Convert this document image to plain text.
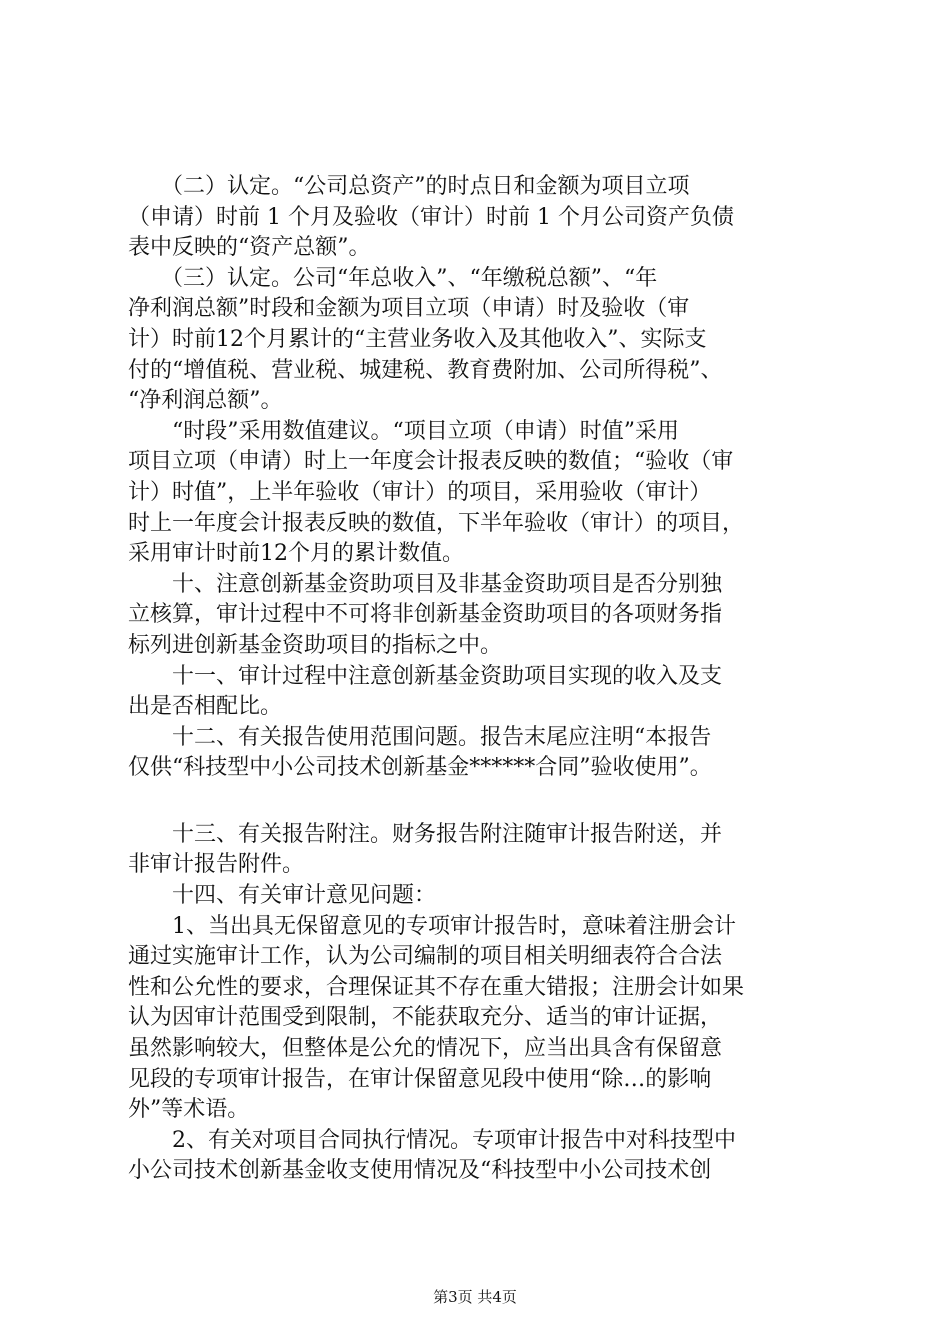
　　（二）认定。“公司总资产”的时点日和金额为项目立项
（申请）时前 1 个月及验收（审计）时前 1 个月公司资产负债
表中反映的“资产总额”。
　　（三）认定。公司“年总收入”、“年缴税总额”、“年
净利润总额”时段和金额为项目立项（申请）时及验收（审
计）时前12个月累计的“主营业务收入及其他收入”、实际支
付的“增值税、营业税、城建税、教育费附加、公司所得税”、
“净利润总额”。
　　“时段”采用数值建议。“项目立项（申请）时值”采用
项目立项（申请）时上一年度会计报表反映的数值；“验收（审
计）时值”，上半年验收（审计）的项目，采用验收（审计）
时上一年度会计报表反映的数值，下半年验收（审计）的项目，
采用审计时前12个月的累计数值。
　　十、注意创新基金资助项目及非基金资助项目是否分别独
立核算，审计过程中不可将非创新基金资助项目的各项财务指
标列进创新基金资助项目的指标之中。
　　十一、审计过程中注意创新基金资助项目实现的收入及支
出是否相配比。
　　十二、有关报告使用范围问题。报告末尾应注明“本报告
仅供“科技型中小公司技术创新基金******合同”验收使用”。
　　十三、有关报告附注。财务报告附注随审计报告附送，并
非审计报告附件。
　　十四、有关审计意见问题：
　　1、当出具无保留意见的专项审计报告时，意味着注册会计
通过实施审计工作，认为公司编制的项目相关明细表符合合法
性和公允性的要求，合理保证其不存在重大错报；注册会计如果
认为因审计范围受到限制，不能获取充分、适当的审计证据，
虽然影响较大，但整体是公允的情况下，应当出具含有保留意
见段的专项审计报告，在审计保留意见段中使用“除…的影响
外”等术语。
　　2、有关对项目合同执行情况。专项审计报告中对科技型中
小公司技术创新基金收支使用情况及“科技型中小公司技术创
第3页 共4页
